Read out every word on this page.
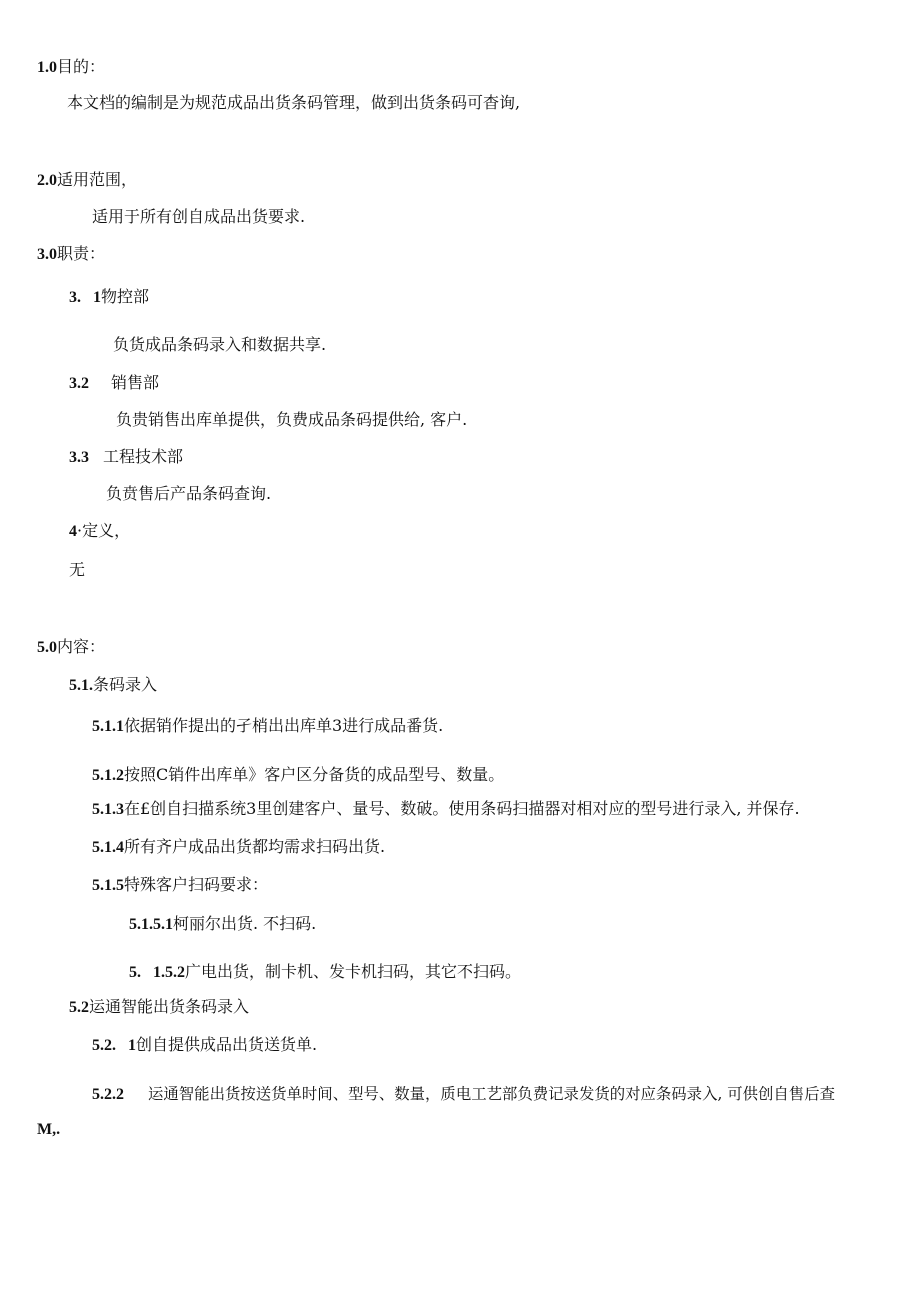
1.0目的：
本文档的编制是为规范成品出货条码管理，做到出货条码可杳询,
2.0适用范围，
适用于所有创自成品出货要求.
3.0职责：
3.   1物控部
负货成品条码录入和数据共享.
3.2 销售部
负贵销售出库单提供，负费成品条码提供给, 客户.
3.3 工程技术部
负贲售后产品条码查询.
4·定义，
无
5.0内容：
5.1.条码录入
5.1.1依据销作提出的孑梢出出库单3进行成品番货.
5.1.2按照C销件出库单》客户区分备货的成品型号、数量。
5.1.3在£创自扫描系统3里创建客户、量号、数破。使用条码扫描器对相对应的型号进行录入, 并保存.
5.1.4所有齐户成品出货都均需求扫码出货.
5.1.5特殊客户扫码要求：
5.1.5.1柯丽尔出货. 不扫码.
5.   1.5.2广电出货，制卡机、发卡机扫码，其它不扫码。
5.2运通智能出货条码录入
5.2.   1创自提供成品出货送货单.
5.2.2 运通智能出货按送货单时间、型号、数量，质电工艺部负费记录发货的对应条码录入, 可供创自售后查
M,.
